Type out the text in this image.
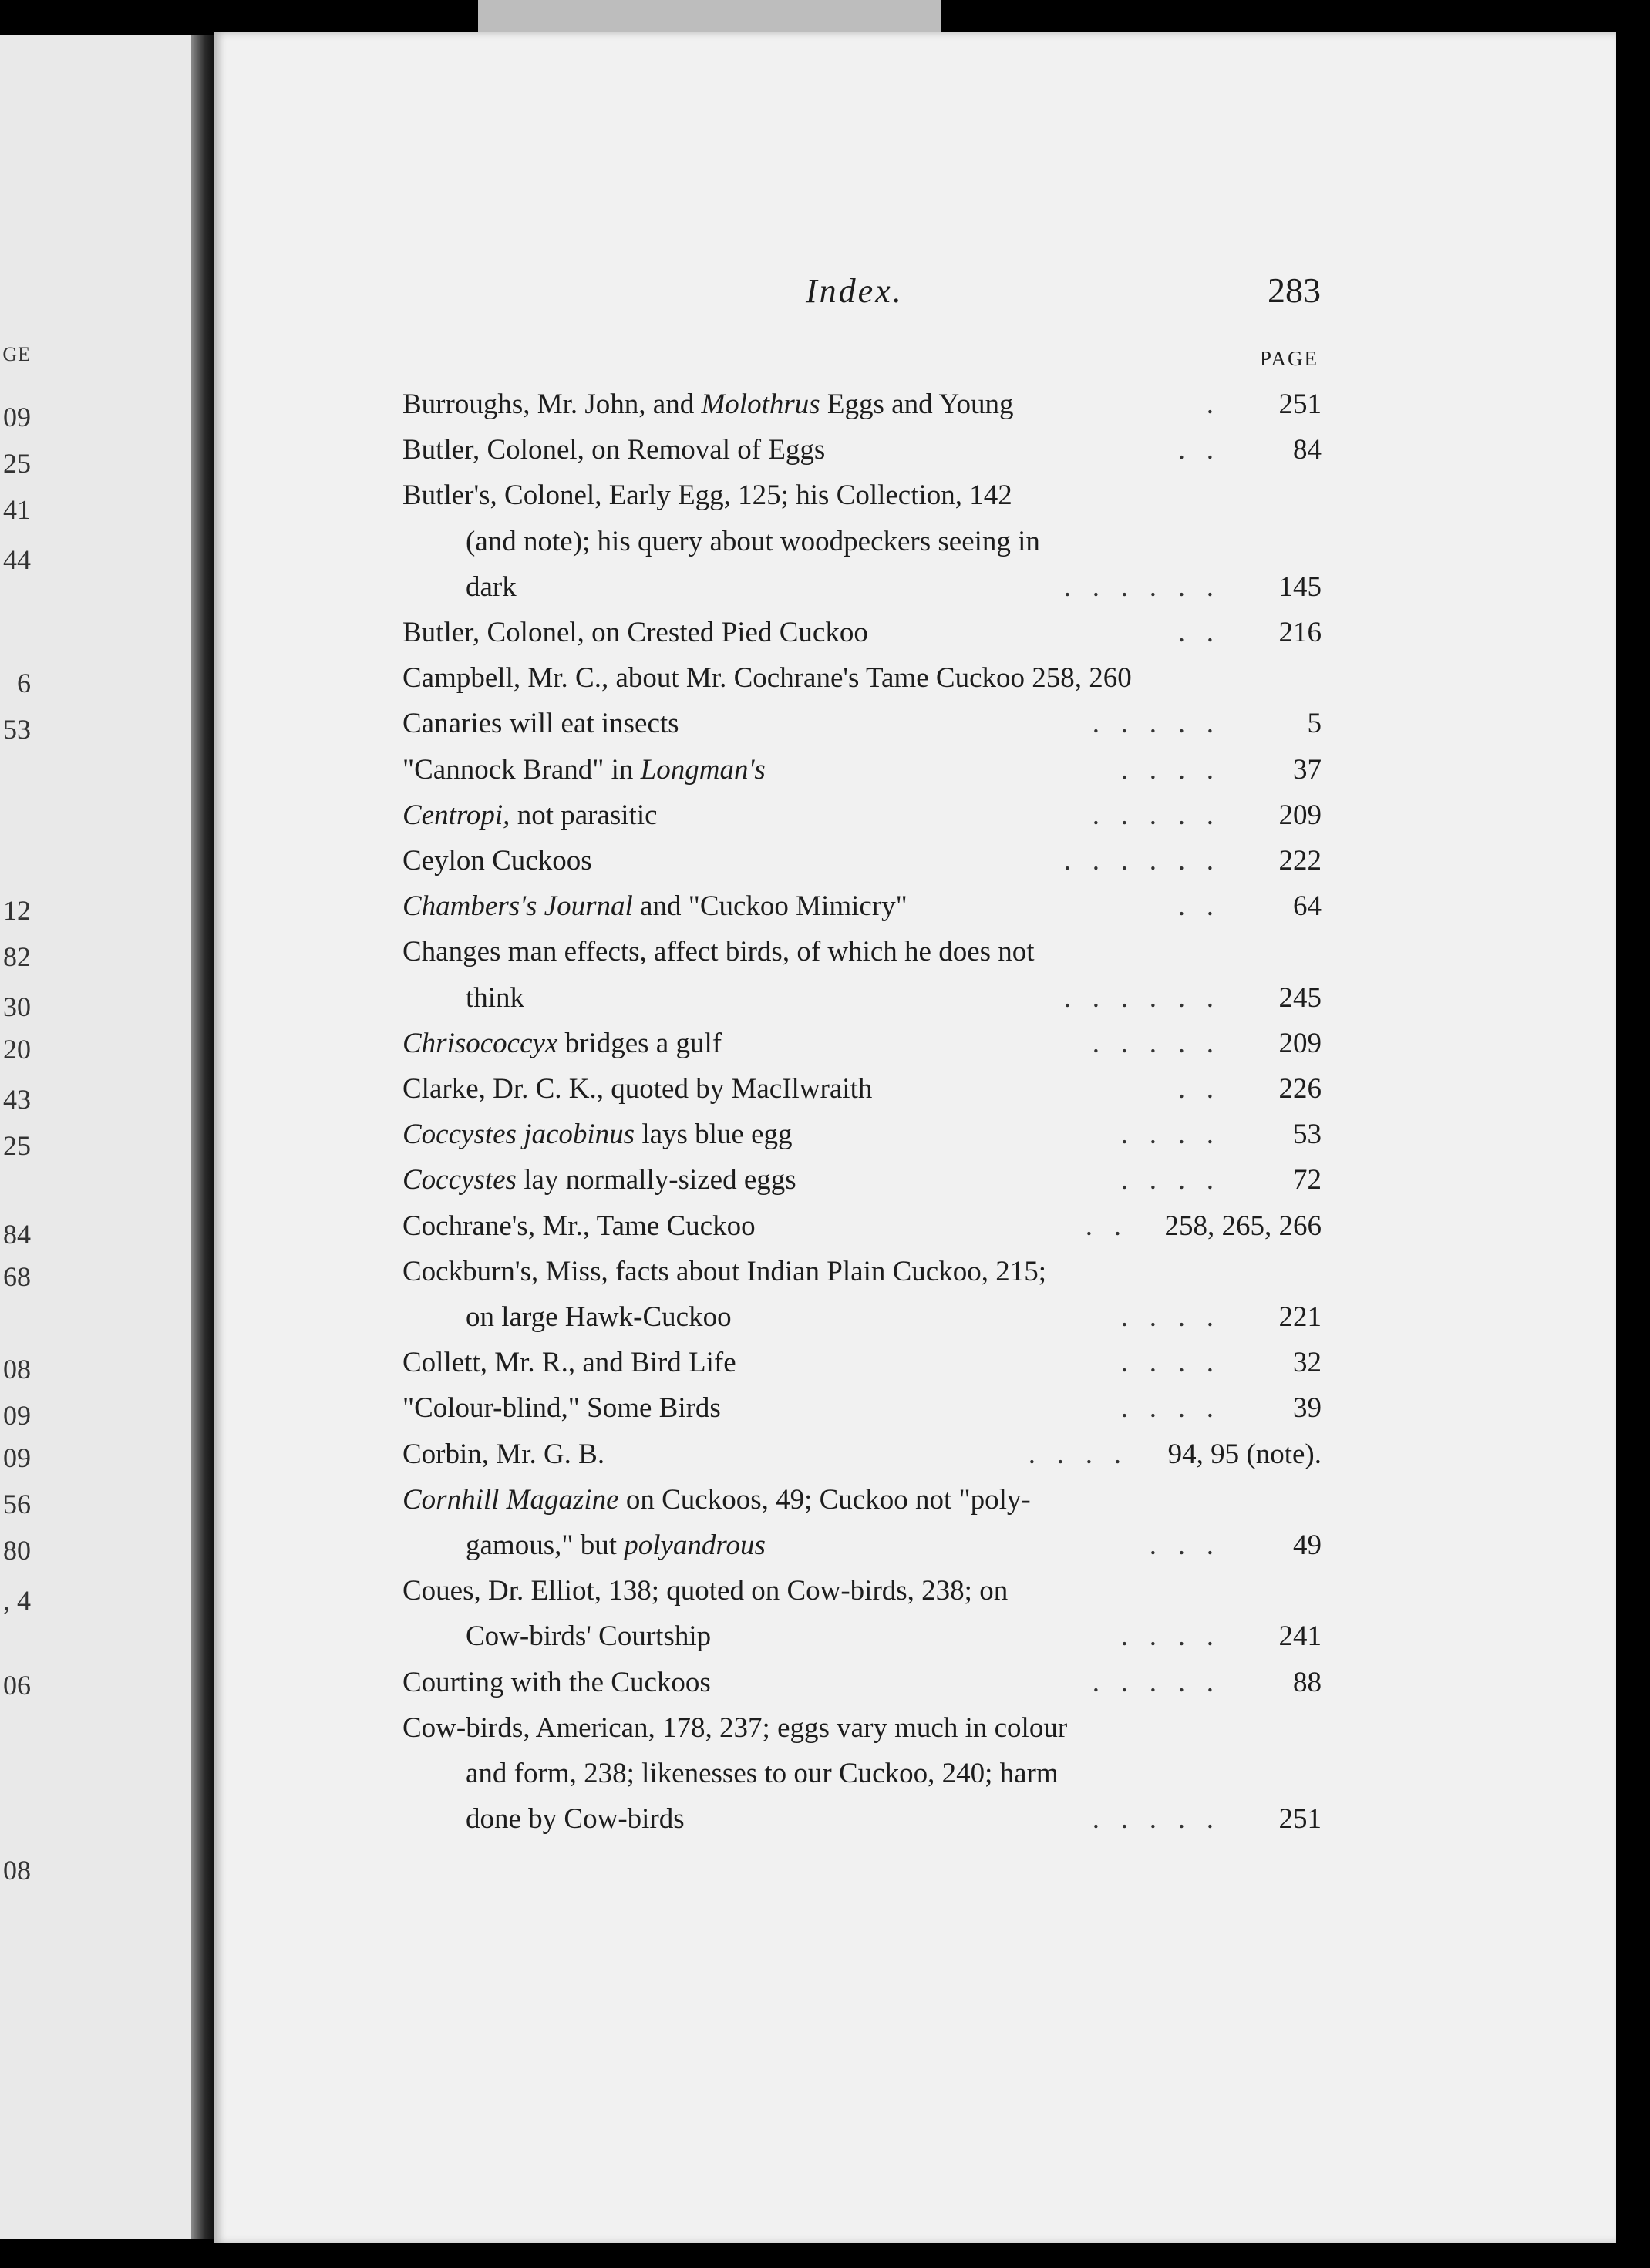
Index.	283
PAGE
Burroughs, Mr. John, and Molothrus Eggs and Young	. 251
Butler, Colonel, on Removal of Eggs	.   .	84
Butler's, Colonel, Early Egg, 125; his Collection, 142
(and note); his query about woodpeckers seeing in
dark	.   .   .   .   .   . 145
Butler, Colonel, on Crested Pied Cuckoo	.   . 216
Campbell, Mr. C., about Mr. Cochrane's Tame Cuckoo 258, 260
Canaries will eat insects	.   .   .   .   .	5
"Cannock Brand" in Longman's	.   .   .   .	37
Centropi, not parasitic	.   .   .   .   . 209
Ceylon Cuckoos	.   .   .   .   .   . 222
Chambers's Journal and "Cuckoo Mimicry"	.   .	64
Changes man effects, affect birds, of which he does not
think	.   .   .   .   .   . 245
Chrisococcyx bridges a gulf	.   .   .   .   . 209
Clarke, Dr. C. K., quoted by MacIlwraith	.   . 226
Coccystes jacobinus lays blue egg	.   .   .   .	53
Coccystes lay normally-sized eggs	.   .   .   .	72
Cochrane's, Mr., Tame Cuckoo	.   . 258, 265, 266
Cockburn's, Miss, facts about Indian Plain Cuckoo, 215;
on large Hawk-Cuckoo	.   .   .   . 221
Collett, Mr. R., and Bird Life	.   .   .   .	32
"Colour-blind," Some Birds	.   .   .   .	39
Corbin, Mr. G. B.	.   .   .   . 94, 95 (note).
Cornhill Magazine on Cuckoos, 49; Cuckoo not "poly-
gamous," but polyandrous	.   .   .	49
Coues, Dr. Elliot, 138; quoted on Cow-birds, 238; on
Cow-birds' Courtship	.   .   .   . 241
Courting with the Cuckoos	.   .   .   .   .	88
Cow-birds, American, 178, 237; eggs vary much in colour
and form, 238; likenesses to our Cuckoo, 240; harm
done by Cow-birds	.   .   .   .   . 251
GE
09
25
41
44
6
53
12
82
30
20
43
25
84
68
08
09
09
56
80
, 4
06
08
